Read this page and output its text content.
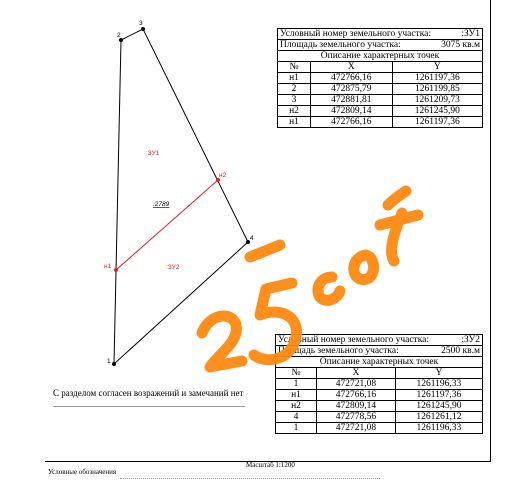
1
2
3
4
н1
н2
:ЗУ1
:ЗУ2
:2789
Условный номер земельного участка: :ЗУ1		

Площадь земельного участка: 3075 кв.м		

Описание характерных точек		
№	X	Y
н1	472766,16	1261197,36
2	472875,79	1261199,85
3	472881,81	1261209,73
н2	472809,14	1261245,90
н1	472766,16	1261197,36
Условный номер земельного участка: :ЗУ2		

Площадь земельного участка: 2500 кв.м		

Описание характерных точек		
№	X	Y
1	472721,08	1261196,33
н1	472766,16	1261197,36
н2	472809,14	1261245,90
4	472778,56	1261261,12
1	472721,08	1261196,33
С разделом согласен возражений и замечаний нет
Масштаб 1:1200
Условные обозначения
